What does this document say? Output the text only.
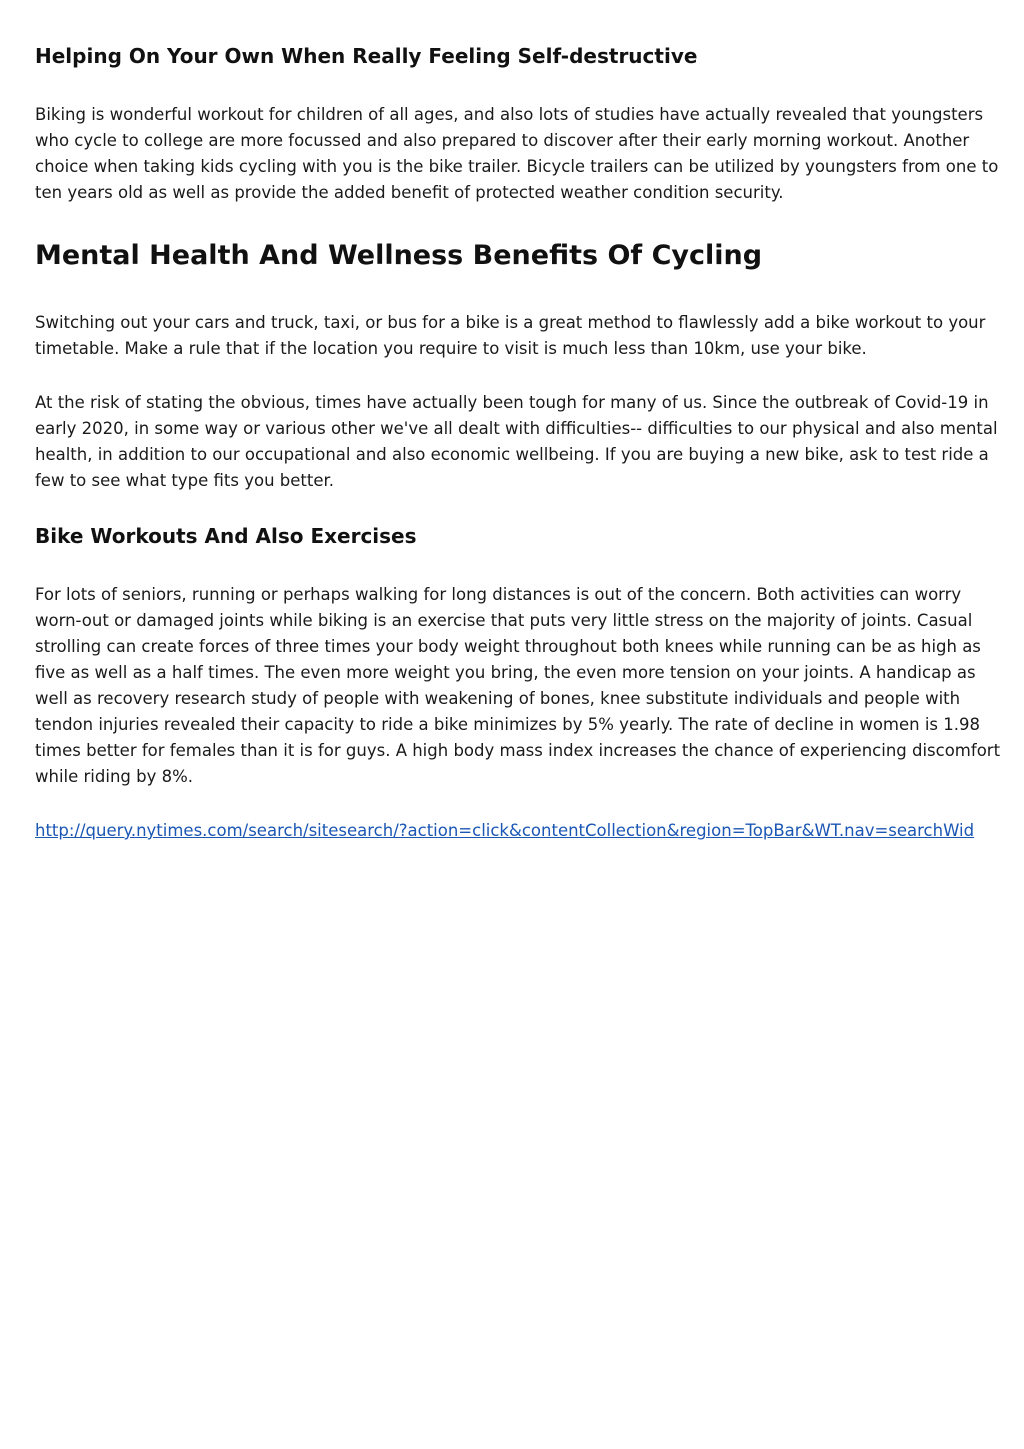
Helping On Your Own When Really Feeling Self-destructive

Biking is wonderful workout for children of all ages, and also lots of studies have actually revealed that youngsters who cycle to college are more focussed and also prepared to discover after their early morning workout. Another choice when taking kids cycling with you is the bike trailer. Bicycle trailers can be utilized by youngsters from one to ten years old as well as provide the added benefit of protected weather condition security.

Mental Health And Wellness Benefits Of Cycling

Switching out your cars and truck, taxi, or bus for a bike is a great method to flawlessly add a bike workout to your timetable. Make a rule that if the location you require to visit is much less than 10km, use your bike.

At the risk of stating the obvious, times have actually been tough for many of us. Since the outbreak of Covid-19 in early 2020, in some way or various other we've all dealt with difficulties-- difficulties to our physical and also mental health, in addition to our occupational and also economic wellbeing. If you are buying a new bike, ask to test ride a few to see what type fits you better.

Bike Workouts And Also Exercises

For lots of seniors, running or perhaps walking for long distances is out of the concern. Both activities can worry worn-out or damaged joints while biking is an exercise that puts very little stress on the majority of joints. Casual strolling can create forces of three times your body weight throughout both knees while running can be as high as five as well as a half times. The even more weight you bring, the even more tension on your joints. A handicap as well as recovery research study of people with weakening of bones, knee substitute individuals and people with tendon injuries revealed their capacity to ride a bike minimizes by 5% yearly. The rate of decline in women is 1.98 times better for females than it is for guys. A high body mass index increases the chance of experiencing discomfort while riding by 8%.

http://query.nytimes.com/search/sitesearch/?action=click&contentCollection&region=TopBar&WT.nav=searchWid
